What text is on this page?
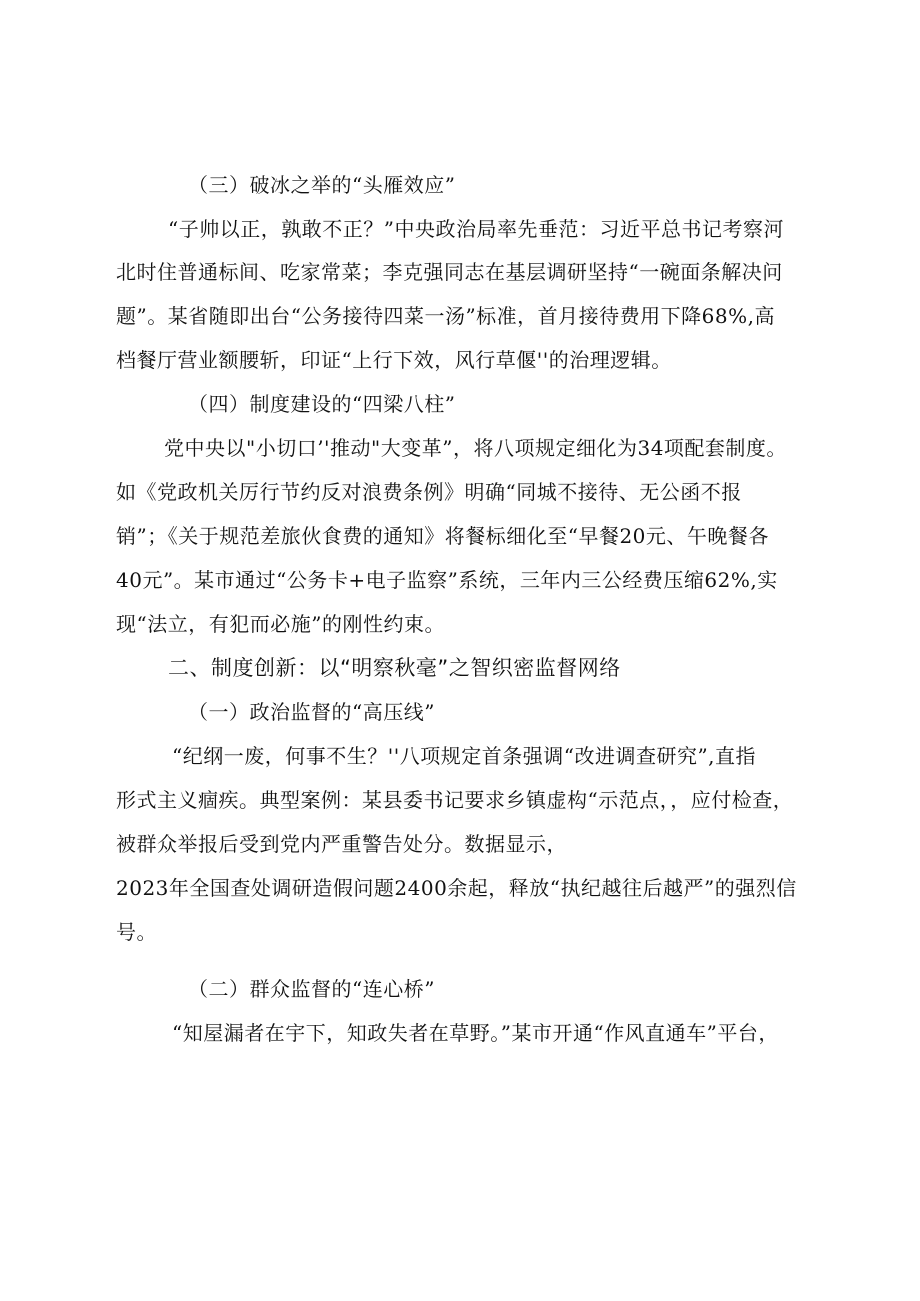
（三）破冰之举的“头雁效应”
“子帅以正，孰敢不正？”中央政治局率先垂范：习近平总书记考察河
北时住普通标间、吃家常菜；李克强同志在基层调研坚持“一碗面条解决问
题”。某省随即出台“公务接待四菜一汤”标准，首月接待费用下降68%,高
档餐厅营业额腰斩，印证“上行下效，风行草偃''的治理逻辑。
（四）制度建设的“四梁八柱”
党中央以"小切口’'推动"大变革”，将八项规定细化为34项配套制度。
如《党政机关厉行节约反对浪费条例》明确“同城不接待、无公函不报
销”；《关于规范差旅伙食费的通知》将餐标细化至“早餐20元、午晚餐各
40元”。某市通过“公务卡+电子监察”系统，三年内三公经费压缩62%,实
现“法立，有犯而必施”的刚性约束。
二、制度创新：以“明察秋毫”之智织密监督网络
（一）政治监督的“高压线”
“纪纲一废，何事不生？''八项规定首条强调“改进调查研究”,直指
形式主义痼疾。典型案例：某县委书记要求乡镇虚构“示范点，，应付检查，
被群众举报后受到党内严重警告处分。数据显示，
2023年全国查处调研造假问题2400余起，释放“执纪越往后越严”的强烈信
号。
（二）群众监督的“连心桥”
“知屋漏者在宇下，知政失者在草野。”某市开通“作风直通车”平台，
